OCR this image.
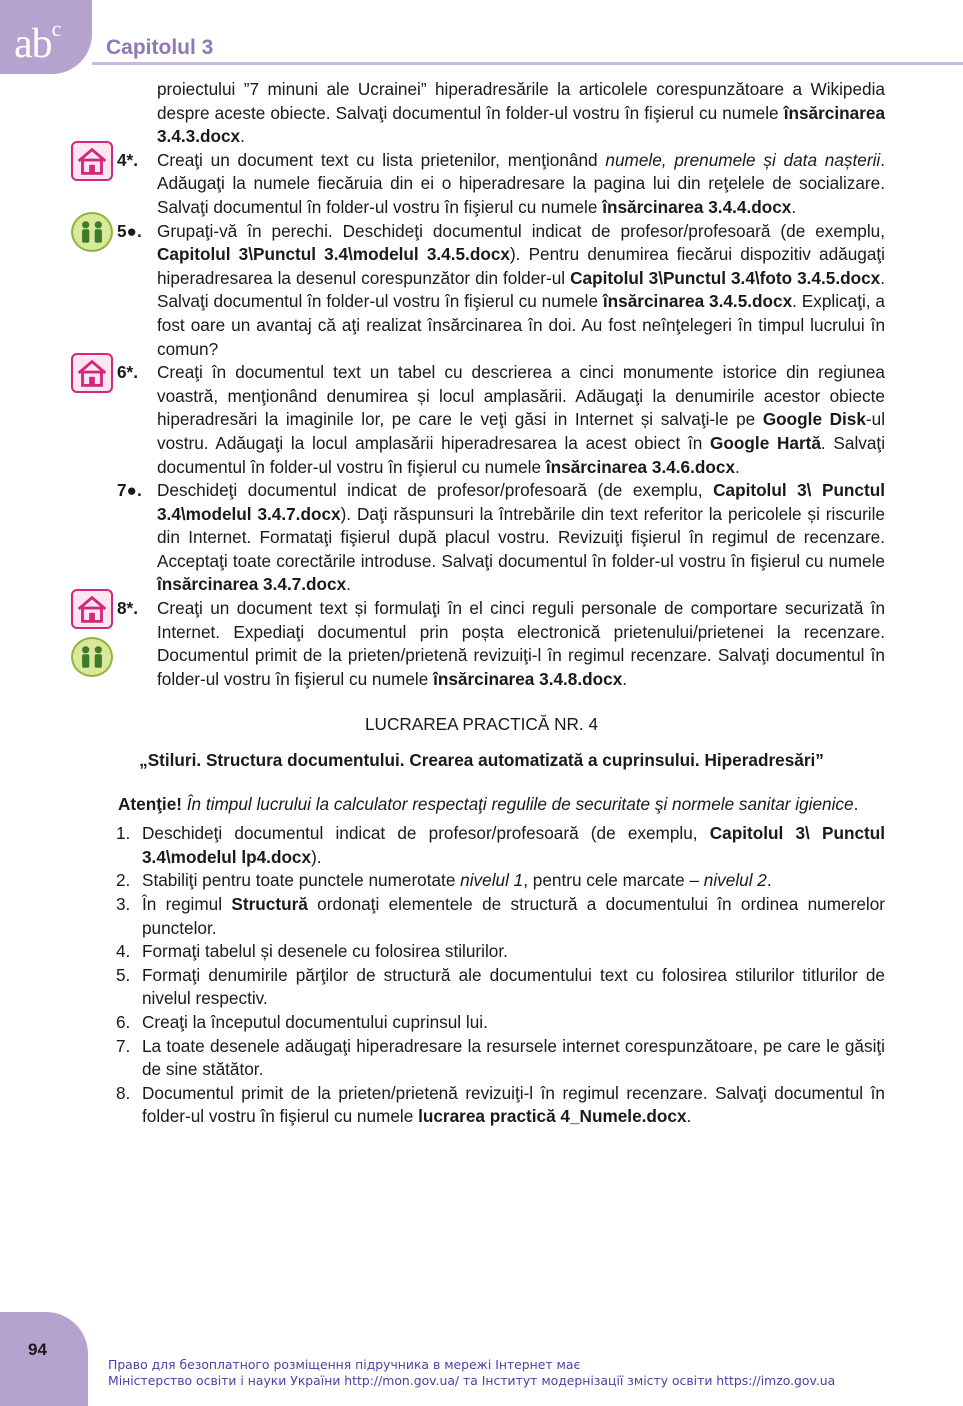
$ab^c$
Capitolul 3
proiectului ”7 minuni ale Ucrainei” hiperadresările la articolele corespunzătoare a Wikipedia despre aceste obiecte. Salvaţi documentul în folder-ul vostru în fişierul cu numele însărcinarea 3.4.3.docx.
4*.	Creaţi un document text cu lista prietenilor, menţionând numele, prenumele și data nașterii. Adăugaţi la numele fiecăruia din ei o hiperadresare la pagina lui din reţelele de socializare. Salvaţi documentul în folder-ul vostru în fişierul cu numele însărcinarea 3.4.4.docx.
5●. Grupaţi-vă în perechi. Deschideţi documentul indicat de profesor/profesoară (de exemplu, Capitolul 3\Punctul 3.4\modelul 3.4.5.docx). Pentru denumirea fiecărui dispozitiv adăugaţi hiperadresarea la desenul corespunzător din folder-ul Capitolul 3\Punctul 3.4\foto 3.4.5.docx. Salvaţi documentul în folder-ul vostru în fişierul cu numele însărcinarea 3.4.5.docx. Explicaţi, a fost oare un avantaj că aţi realizat însărcinarea în doi. Au fost neînţelegeri în timpul lucrului în comun?
6*.	Creaţi în documentul text un tabel cu descrierea a cinci monumente istorice din regiunea voastră, menţionând denumirea și locul amplasării. Adăugaţi la denumirile acestor obiecte hiperadresări la imaginile lor, pe care le veţi găsi in Internet și salvaţi-le pe Google Disk-ul vostru. Adăugaţi la locul amplasării hiperadresarea la acest obiect în Google Hartă. Salvaţi documentul în folder-ul vostru în fişierul cu numele însărcinarea 3.4.6.docx.
7●. Deschideţi documentul indicat de profesor/profesoară (de exemplu, Capitolul 3\ Punctul 3.4\modelul 3.4.7.docx). Daţi răspunsuri la întrebările din text referitor la pericolele și riscurile din Internet. Formataţi fişierul după placul vostru. Revizuiţi fişierul în regimul de recenzare. Acceptaţi toate corectările introduse. Salvaţi documentul în folder-ul vostru în fişierul cu numele însărcinarea 3.4.7.docx.
8*.	Creaţi un document text și formulaţi în el cinci reguli personale de comportare securizată în Internet. Expediaţi documentul prin poșta electronică prietenului/prietenei la recenzare. Documentul primit de la prieten/prietenă revizuiţi-l în regimul recenzare. Salvaţi documentul în folder-ul vostru în fişierul cu numele însărcinarea 3.4.8.docx.
LUCRAREA PRACTICĂ NR. 4
„Stiluri. Structura documentului. Crearea automatizată a cuprinsului. Hiperadresări”
Atenţie! În timpul lucrului la calculator respectaţi regulile de securitate şi normele sanitar igienice.
1. Deschideţi documentul indicat de profesor/profesoară (de exemplu, Capitolul 3\ Punctul 3.4\modelul lp4.docx).
2. Stabiliţi pentru toate punctele numerotate nivelul 1, pentru cele marcate – nivelul 2.
3. În regimul Structură ordonaţi elementele de structură a documentului în ordinea numerelor punctelor.
4. Formaţi tabelul și desenele cu folosirea stilurilor.
5. Formaţi denumirile părţilor de structură ale documentului text cu folosirea stilurilor titlurilor de nivelul respectiv.
6. Creaţi la începutul documentului cuprinsul lui.
7. La toate desenele adăugaţi hiperadresare la resursele internet corespunzătoare, pe care le găsiţi de sine stătător.
8. Documentul primit de la prieten/prietenă revizuiţi-l în regimul recenzare. Salvaţi documentul în folder-ul vostru în fişierul cu numele lucrarea practică 4_Numele.docx.
94
Право для безоплатного розміщення підручника в мережі Інтернет має
Міністерство освіти і науки України http://mon.gov.ua/ та Інститут модернізації змісту освіти https://imzo.gov.ua
